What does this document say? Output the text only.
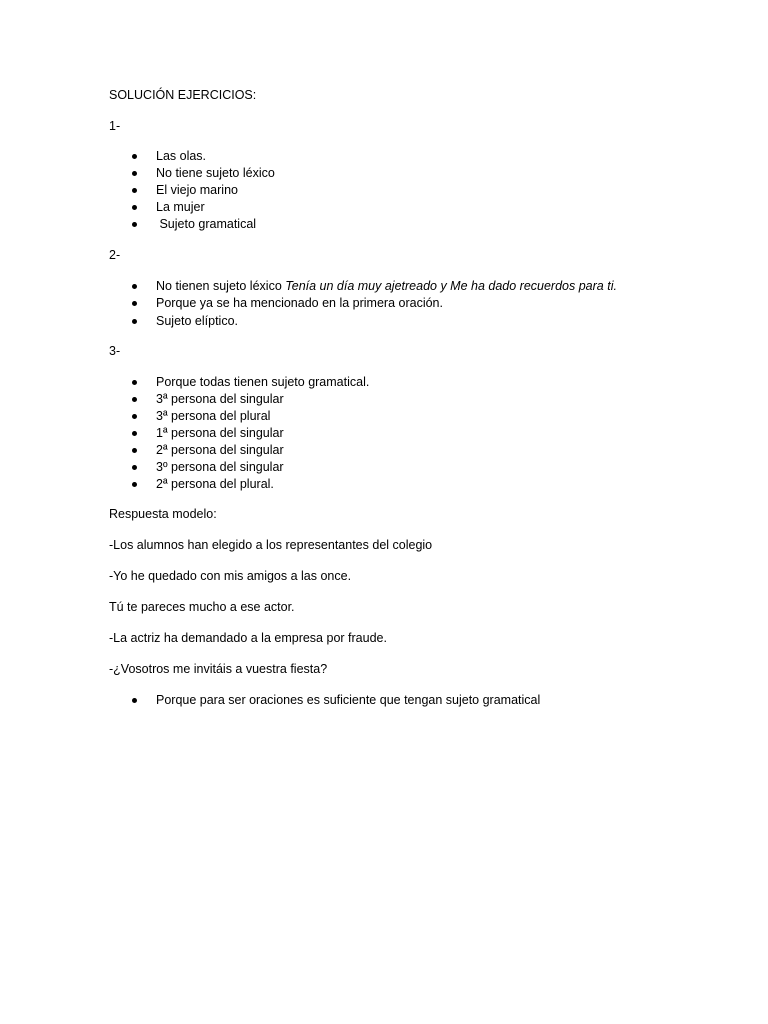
SOLUCIÓN EJERCICIOS:
1-
Las olas.
No tiene sujeto léxico
El viejo marino
La mujer
Sujeto gramatical
2-
No tienen sujeto léxico Tenía un día muy ajetreado y Me ha dado recuerdos para ti.
Porque ya se ha mencionado en la primera oración.
Sujeto elíptico.
3-
Porque todas tienen sujeto gramatical.
3ª persona del singular
3ª persona del plural
1ª persona del singular
2ª persona del singular
3º persona del singular
2ª persona del plural.
Respuesta modelo:
-Los alumnos han elegido a los representantes del colegio
-Yo he quedado con mis amigos a las once.
Tú te pareces mucho a ese actor.
-La actriz ha demandado a la empresa por fraude.
-¿Vosotros me invitáis a vuestra fiesta?
Porque para ser oraciones es suficiente que tengan sujeto gramatical
